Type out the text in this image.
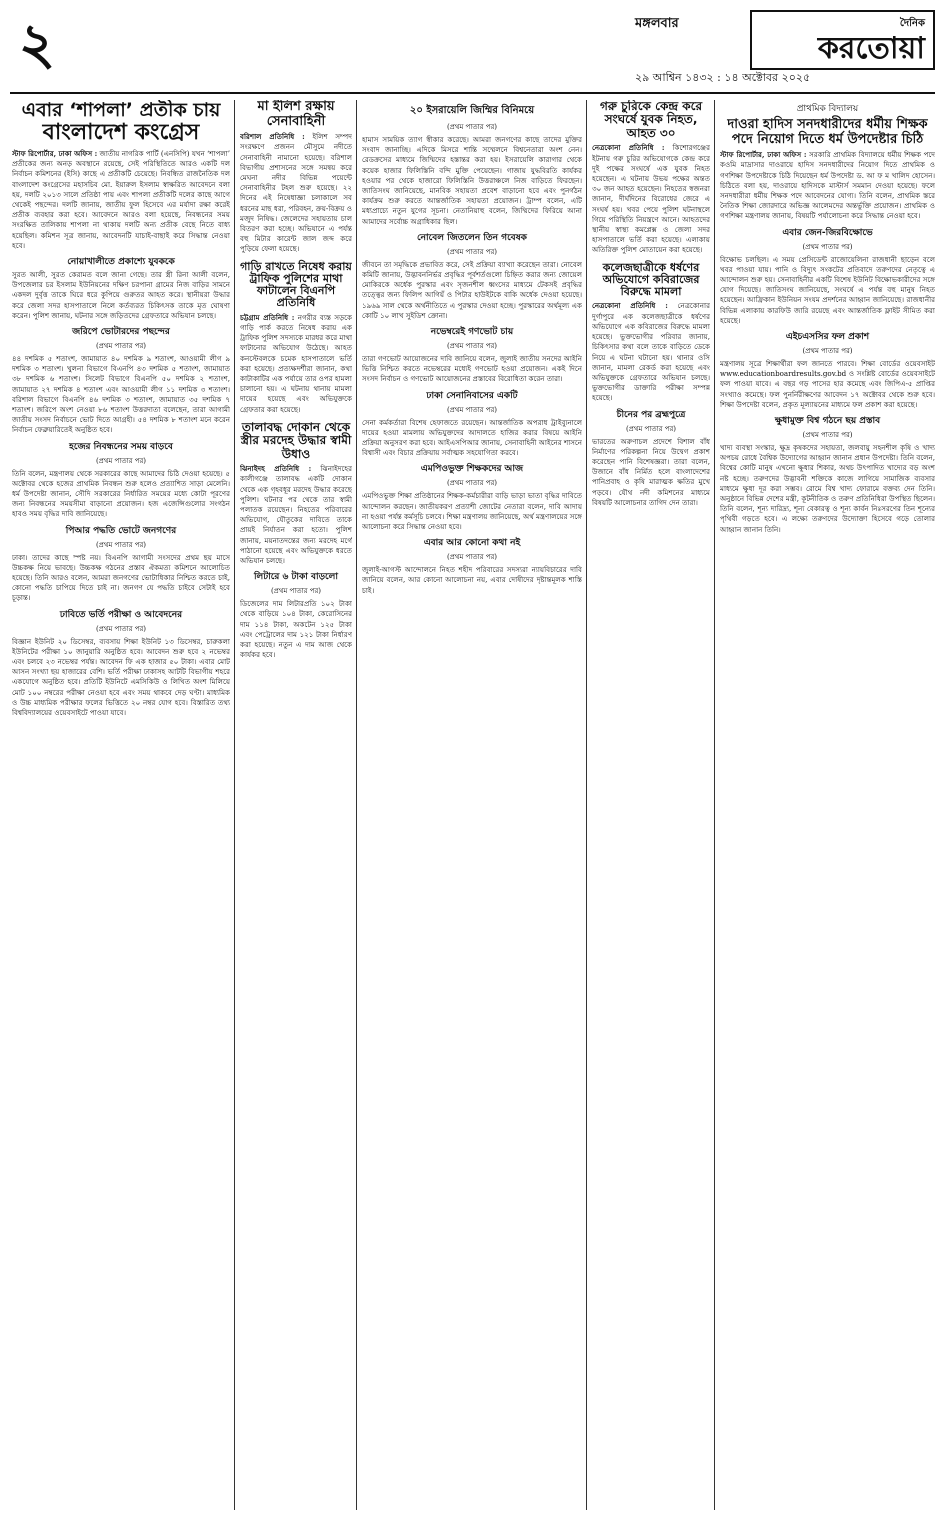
২	মঙ্গলবার	দৈনিক
করতোয়া
২৯ আশ্বিন ১৪৩২ : ১৪ অক্টোবর ২০২৫
এবার ‘শাপলা’ প্রতীক চায়
বাংলাদেশ কংগ্রেস
স্টাফ রিপোর্টার, ঢাকা অফিস : জাতীয় নাগরিক পার্টি (এনসিপি) যখন ‘শাপলা’ প্রতীকের জন্য অনড় অবস্থানে রয়েছে, সেই পরিস্থিতিতে আরও একটি দল নির্বাচন কমিশনের (ইসি) কাছে এ প্রতীকটি চেয়েছে। নিবন্ধিত রাজনৈতিক দল বাংলাদেশ কংগ্রেসের মহাসচিব মো. ইয়ারুল ইসলাম স্বাক্ষরিত আবেদনে বলা হয়, দলটি ২০১৩ সালে প্রতিষ্ঠা পায় এবং শাপলা প্রতীকটি দলের কাছে আগে থেকেই পছন্দের। দলটি জানায়, জাতীয় ফুল হিসেবে এর মর্যাদা রক্ষা করেই প্রতীক ব্যবহার করা হবে। আবেদনে আরও বলা হয়েছে, নিবন্ধনের সময় সংরক্ষিত তালিকায় শাপলা না থাকায় দলটি অন্য প্রতীক বেছে নিতে বাধ্য হয়েছিল। কমিশন সূত্র জানায়, আবেদনটি যাচাই-বাছাই করে সিদ্ধান্ত নেওয়া হবে।
নোয়াখালীতে প্রকাশ্যে যুবককে
সুরত আলী, সুরত কেরামত বলে জানা গেছে। তার স্ত্রী রিনা আলী বলেন, উপজেলার চর ইসলাম ইউনিয়নের দক্ষিণ চরপানা গ্রামের নিজ বাড়ির সামনে একদল দুর্বৃত্ত তাকে ঘিরে ধরে কুপিয়ে গুরুতর আহত করে। স্থানীয়রা উদ্ধার করে জেলা সদর হাসপাতালে নিলে কর্তব্যরত চিকিৎসক তাকে মৃত ঘোষণা করেন। পুলিশ জানায়, ঘটনার সঙ্গে জড়িতদের গ্রেফতারে অভিযান চলছে।
জরিপে ভোটারদের পছন্দের
(প্রথম পাতার পর)
৪৪ দশমিক ৫ শতাংশ, জামায়াত ৪০ দশমিক ৯ শতাংশ, আওয়ামী লীগ ৯ দশমিক ৩ শতাংশ। খুলনা বিভাগে বিএনপি ৪৩ দশমিক ৫ শতাংশ, জামায়াত ৩৮ দশমিক ৬ শতাংশ। সিলেট বিভাগে বিএনপি ৫০ দশমিক ২ শতাংশ, জামায়াত ২৭ দশমিক ৪ শতাংশ এবং আওয়ামী লীগ ১১ দশমিক ৩ শতাংশ। বরিশাল বিভাগে বিএনপি ৪৬ দশমিক ৩ শতাংশ, জামায়াত ৩৫ দশমিক ৭ শতাংশ। জরিপে অংশ নেওয়া ৮৬ শতাংশ উত্তরদাতা বলেছেন, তারা আগামী জাতীয় সংসদ নির্বাচনে ভোট দিতে আগ্রহী। ৫৪ দশমিক ৮ শতাংশ মনে করেন নির্বাচন ফেব্রুয়ারিতেই অনুষ্ঠিত হবে।
হজের নিবন্ধনের সময় বাড়বে
(প্রথম পাতার পর)
তিনি বলেন, মন্ত্রণালয় থেকে সরকারের কাছে আমাদের চিঠি দেওয়া হয়েছে। ৫ অক্টোবর থেকে হজের প্রাথমিক নিবন্ধন শুরু হলেও প্রত্যাশিত সাড়া মেলেনি। ধর্ম উপদেষ্টা জানান, সৌদি সরকারের নির্ধারিত সময়ের মধ্যে কোটা পূরণের জন্য নিবন্ধনের সময়সীমা বাড়ানো প্রয়োজন। হজ এজেন্সিগুলোর সংগঠন হাবও সময় বৃদ্ধির দাবি জানিয়েছে।
পিআর পদ্ধতি ভোটে জনগণের
(প্রথম পাতার পর)
ঢাকা। তাদের কাছে স্পষ্ট নয়। বিএনপি আগামী সংসদের প্রথম ছয় মাসে উচ্চকক্ষ নিয়ে ভাবছে। উচ্চকক্ষ গঠনের প্রস্তাব ঐকমত্য কমিশনে আলোচিত হয়েছে। তিনি আরও বলেন, আমরা জনগণের ভোটাধিকার নিশ্চিত করতে চাই, কোনো পদ্ধতি চাপিয়ে দিতে চাই না। জনগণ যে পদ্ধতি চাইবে সেটাই হবে চূড়ান্ত।
ঢাবিতে ভর্তি পরীক্ষা ও আবেদনের
(প্রথম পাতার পর)
বিজ্ঞান ইউনিট ২০ ডিসেম্বর, ব্যবসায় শিক্ষা ইউনিট ১৩ ডিসেম্বর, চারুকলা ইউনিটের পরীক্ষা ১০ জানুয়ারি অনুষ্ঠিত হবে। আবেদন শুরু হবে ২ নভেম্বর এবং চলবে ২৩ নভেম্বর পর্যন্ত। আবেদন ফি এক হাজার ৫০ টাকা। এবার মোট আসন সংখ্যা ছয় হাজারের বেশি। ভর্তি পরীক্ষা ঢাকাসহ আটটি বিভাগীয় শহরে একযোগে অনুষ্ঠিত হবে। প্রতিটি ইউনিটে এমসিকিউ ও লিখিত অংশ মিলিয়ে মোট ১০০ নম্বরের পরীক্ষা নেওয়া হবে এবং সময় থাকবে দেড় ঘণ্টা। মাধ্যমিক ও উচ্চ মাধ্যমিক পরীক্ষার ফলের ভিত্তিতে ২০ নম্বর যোগ হবে। বিস্তারিত তথ্য বিশ্ববিদ্যালয়ের ওয়েবসাইটে পাওয়া যাবে।
মা ইলিশ রক্ষায় সেনাবাহিনী
বরিশাল প্রতিনিধি : ইলিশ সম্পদ সংরক্ষণে প্রজনন মৌসুমে নদীতে সেনাবাহিনী নামানো হয়েছে। বরিশাল বিভাগীয় প্রশাসনের সঙ্গে সমন্বয় করে মেঘনা নদীর বিভিন্ন পয়েন্টে সেনাবাহিনীর টহল শুরু হয়েছে। ২২ দিনের এই নিষেধাজ্ঞা চলাকালে সব ধরনের মাছ ধরা, পরিবহন, ক্রয়-বিক্রয় ও মজুদ নিষিদ্ধ। জেলেদের সহায়তায় চাল বিতরণ করা হচ্ছে। অভিযানে এ পর্যন্ত বহু মিটার কারেন্ট জাল জব্দ করে পুড়িয়ে ফেলা হয়েছে।
গাড়ি রাখতে নিষেধ করায় ট্রাফিক পুলিশের মাথা ফাটালেন বিএনপি প্রতিনিধি
চট্টগ্রাম প্রতিনিধি : নগরীর ব্যস্ত সড়কে গাড়ি পার্ক করতে নিষেধ করায় এক ট্রাফিক পুলিশ সদস্যকে মারধর করে মাথা ফাটানোর অভিযোগ উঠেছে। আহত কনস্টেবলকে চমেক হাসপাতালে ভর্তি করা হয়েছে। প্রত্যক্ষদর্শীরা জানান, কথা কাটাকাটির এক পর্যায়ে তার ওপর হামলা চালানো হয়। এ ঘটনায় থানায় মামলা দায়ের হয়েছে এবং অভিযুক্তকে গ্রেফতার করা হয়েছে।
তালাবদ্ধ দোকান থেকে স্ত্রীর মরদেহ উদ্ধার স্বামী উধাও
ঝিনাইদহ প্রতিনিধি : ঝিনাইদহের কালীগঞ্জে তালাবদ্ধ একটি দোকান থেকে এক গৃহবধূর মরদেহ উদ্ধার করেছে পুলিশ। ঘটনার পর থেকে তার স্বামী পলাতক রয়েছেন। নিহতের পরিবারের অভিযোগ, যৌতুকের দাবিতে তাকে প্রায়ই নির্যাতন করা হতো। পুলিশ জানায়, ময়নাতদন্তের জন্য মরদেহ মর্গে পাঠানো হয়েছে এবং অভিযুক্তকে ধরতে অভিযান চলছে।
লিটারে ৬ টাকা বাড়লো
(প্রথম পাতার পর)
ডিজেলের দাম লিটারপ্রতি ১০২ টাকা থেকে বাড়িয়ে ১০৪ টাকা, কেরোসিনের দাম ১১৪ টাকা, অকটেন ১২৫ টাকা এবং পেট্রোলের দাম ১২১ টাকা নির্ধারণ করা হয়েছে। নতুন এ দাম আজ থেকে কার্যকর হবে।
২০ ইসরায়েলি জিম্মির বিনিময়ে
(প্রথম পাতার পর)
হামাস সাময়িক ত্যাগ স্বীকার করেছে। আমরা জনগণের কাছে তাদের মুক্তির সংবাদ জানাচ্ছি। এদিকে মিসরে শান্তি সম্মেলনে বিশ্বনেতারা অংশ নেন। রেডক্রসের মাধ্যমে জিম্মিদের হস্তান্তর করা হয়। ইসরায়েলি কারাগার থেকে কয়েক হাজার ফিলিস্তিনি বন্দি মুক্তি পেয়েছেন। গাজায় যুদ্ধবিরতি কার্যকর হওয়ার পর থেকে হাজারো ফিলিস্তিনি উত্তরাঞ্চলে নিজ বাড়িতে ফিরছেন। জাতিসংঘ জানিয়েছে, মানবিক সহায়তা প্রবেশ বাড়ানো হবে এবং পুনর্গঠন কার্যক্রম শুরু করতে আন্তর্জাতিক সহায়তা প্রয়োজন। ট্রাম্প বলেন, এটি মধ্যপ্রাচ্যে নতুন যুগের সূচনা। নেতানিয়াহু বলেন, জিম্মিদের ফিরিয়ে আনা আমাদের সর্বোচ্চ অগ্রাধিকার ছিল।
নোবেল জিতলেন তিন গবেষক
(প্রথম পাতার পর)
জীবনে তা সমৃদ্ধিকে প্রভাবিত করে, সেই প্রক্রিয়া ব্যাখ্যা করেছেন তারা। নোবেল কমিটি জানায়, উদ্ভাবননির্ভর প্রবৃদ্ধির পূর্বশর্তগুলো চিহ্নিত করার জন্য জোয়েল মোকিরকে অর্ধেক পুরস্কার এবং সৃজনশীল ধ্বংসের মাধ্যমে টেকসই প্রবৃদ্ধির তত্ত্বের জন্য ফিলিপ আগিয়ঁ ও পিটার হাউইটকে বাকি অর্ধেক দেওয়া হয়েছে। ১৯৬৯ সাল থেকে অর্থনীতিতে এ পুরস্কার দেওয়া হচ্ছে। পুরস্কারের অর্থমূল্য এক কোটি ১০ লাখ সুইডিশ ক্রোনা।
নভেম্বরেই গণভোট চায়
(প্রথম পাতার পর)
তারা গণভোট আয়োজনের দাবি জানিয়ে বলেন, জুলাই জাতীয় সনদের আইনি ভিত্তি নিশ্চিত করতে নভেম্বরের মধ্যেই গণভোট হওয়া প্রয়োজন। একই দিনে সংসদ নির্বাচন ও গণভোট আয়োজনের প্রস্তাবের বিরোধিতা করেন তারা।
ঢাকা সেনানিবাসের একটি
(প্রথম পাতার পর)
সেনা কর্মকর্তারা বিশেষ হেফাজতে রয়েছেন। আন্তর্জাতিক অপরাধ ট্রাইব্যুনালে দায়ের হওয়া মামলায় অভিযুক্তদের আদালতে হাজির করার বিষয়ে আইনি প্রক্রিয়া অনুসরণ করা হবে। আইএসপিআর জানায়, সেনাবাহিনী আইনের শাসনে বিশ্বাসী এবং বিচার প্রক্রিয়ায় সর্বাত্মক সহযোগিতা করবে।
এমপিওভুক্ত শিক্ষকদের আজ
(প্রথম পাতার পর)
এমপিওভুক্ত শিক্ষা প্রতিষ্ঠানের শিক্ষক-কর্মচারীরা বাড়ি ভাড়া ভাতা বৃদ্ধির দাবিতে আন্দোলন করছেন। জাতীয়করণ প্রত্যাশী জোটের নেতারা বলেন, দাবি আদায় না হওয়া পর্যন্ত কর্মসূচি চলবে। শিক্ষা মন্ত্রণালয় জানিয়েছে, অর্থ মন্ত্রণালয়ের সঙ্গে আলোচনা করে সিদ্ধান্ত নেওয়া হবে।
এবার আর কোনো কথা নই
(প্রথম পাতার পর)
জুলাই-আগস্ট আন্দোলনে নিহত শহীদ পরিবারের সদস্যরা ন্যায়বিচারের দাবি জানিয়ে বলেন, আর কোনো আলোচনা নয়, এবার দোষীদের দৃষ্টান্তমূলক শাস্তি চাই।
গরু চুরিকে কেন্দ্র করে সংঘর্ষে যুবক নিহত, আহত ৩০
নেত্রকোনা প্রতিনিধি : কিশোরগঞ্জের ইটনায় গরু চুরির অভিযোগকে কেন্দ্র করে দুই পক্ষের সংঘর্ষে এক যুবক নিহত হয়েছেন। এ ঘটনায় উভয় পক্ষের অন্তত ৩০ জন আহত হয়েছেন। নিহতের স্বজনরা জানান, দীর্ঘদিনের বিরোধের জেরে এ সংঘর্ষ হয়। খবর পেয়ে পুলিশ ঘটনাস্থলে গিয়ে পরিস্থিতি নিয়ন্ত্রণে আনে। আহতদের স্থানীয় স্বাস্থ্য কমপ্লেক্স ও জেলা সদর হাসপাতালে ভর্তি করা হয়েছে। এলাকায় অতিরিক্ত পুলিশ মোতায়েন করা হয়েছে।
কলেজছাত্রীকে ধর্ষণের অভিযোগে কবিরাজের বিরুদ্ধে মামলা
নেত্রকোনা প্রতিনিধি : নেত্রকোনার দুর্গাপুরে এক কলেজছাত্রীকে ধর্ষণের অভিযোগে এক কবিরাজের বিরুদ্ধে মামলা হয়েছে। ভুক্তভোগীর পরিবার জানায়, চিকিৎসার কথা বলে তাকে বাড়িতে ডেকে নিয়ে এ ঘটনা ঘটানো হয়। থানার ওসি জানান, মামলা রেকর্ড করা হয়েছে এবং অভিযুক্তকে গ্রেফতারে অভিযান চলছে। ভুক্তভোগীর ডাক্তারি পরীক্ষা সম্পন্ন হয়েছে।
চীনের পর ব্রহ্মপুত্রে
(প্রথম পাতার পর)
ভারতের অরুণাচল প্রদেশে বিশাল বাঁধ নির্মাণের পরিকল্পনা নিয়ে উদ্বেগ প্রকাশ করেছেন পানি বিশেষজ্ঞরা। তারা বলেন, উজানে বাঁধ নির্মিত হলে বাংলাদেশের পানিপ্রবাহ ও কৃষি মারাত্মক ক্ষতির মুখে পড়বে। যৌথ নদী কমিশনের মাধ্যমে বিষয়টি আলোচনার তাগিদ দেন তারা।
প্রাথমিক বিদ্যালয়
দাওরা হাদিস সনদধারীদের ধর্মীয় শিক্ষক পদে নিয়োগ দিতে ধর্ম উপদেষ্টার চিঠি
স্টাফ রিপোর্টার, ঢাকা অফিস : সরকারি প্রাথমিক বিদ্যালয়ে ধর্মীয় শিক্ষক পদে কওমি মাদ্রাসার দাওরায়ে হাদিস সনদধারীদের নিয়োগ দিতে প্রাথমিক ও গণশিক্ষা উপদেষ্টাকে চিঠি দিয়েছেন ধর্ম উপদেষ্টা ড. আ ফ ম খালিদ হোসেন। চিঠিতে বলা হয়, দাওরায়ে হাদিসকে মাস্টার্স সমমান দেওয়া হয়েছে। ফলে সনদধারীরা ধর্মীয় শিক্ষক পদে আবেদনের যোগ্য। তিনি বলেন, প্রাথমিক স্তরে নৈতিক শিক্ষা জোরদারে অভিজ্ঞ আলেমদের অন্তর্ভুক্তি প্রয়োজন। প্রাথমিক ও গণশিক্ষা মন্ত্রণালয় জানায়, বিষয়টি পর্যালোচনা করে সিদ্ধান্ত নেওয়া হবে।
এবার জেন-জিরবিক্ষোভে
(প্রথম পাতার পর)
বিক্ষোভ চলছিল। এ সময় প্রেসিডেন্ট রাজোয়েলিনা রাজধানী ছাড়েন বলে খবর পাওয়া যায়। পানি ও বিদ্যুৎ সংকটের প্রতিবাদে তরুণদের নেতৃত্বে এ আন্দোলন শুরু হয়। সেনাবাহিনীর একটি বিশেষ ইউনিট বিক্ষোভকারীদের সঙ্গে যোগ দিয়েছে। জাতিসংঘ জানিয়েছে, সংঘর্ষে এ পর্যন্ত বহু মানুষ নিহত হয়েছেন। আফ্রিকান ইউনিয়ন সংযম প্রদর্শনের আহ্বান জানিয়েছে। রাজধানীর বিভিন্ন এলাকায় কারফিউ জারি রয়েছে এবং আন্তর্জাতিক ফ্লাইট সীমিত করা হয়েছে।
এইচএসসির ফল প্রকাশ
(প্রথম পাতার পর)
মন্ত্রণালয় সূত্রে শিক্ষার্থীরা ফল জানতে পারবে। শিক্ষা বোর্ডের ওয়েবসাইট www.educationboardresults.gov.bd ও সংশ্লিষ্ট বোর্ডের ওয়েবসাইটে ফল পাওয়া যাবে। এ বছর গড় পাসের হার কমেছে এবং জিপিএ-৫ প্রাপ্তির সংখ্যাও কমেছে। ফল পুনর্নিরীক্ষণের আবেদন ১৭ অক্টোবর থেকে শুরু হবে। শিক্ষা উপদেষ্টা বলেন, প্রকৃত মূল্যায়নের মাধ্যমে ফল প্রকাশ করা হয়েছে।
ক্ষুধামুক্ত বিশ্ব গঠনে ছয় প্রস্তাব
(প্রথম পাতার পর)
খাদ্য ব্যবস্থা সংস্কার, ক্ষুদ্র কৃষকদের সহায়তা, জলবায়ু সহনশীল কৃষি ও খাদ্য অপচয় রোধে বৈশ্বিক উদ্যোগের আহ্বান জানান প্রধান উপদেষ্টা। তিনি বলেন, বিশ্বের কোটি মানুষ এখনো ক্ষুধার শিকার, অথচ উৎপাদিত খাদ্যের বড় অংশ নষ্ট হচ্ছে। তরুণদের উদ্ভাবনী শক্তিকে কাজে লাগিয়ে সামাজিক ব্যবসার মাধ্যমে ক্ষুধা দূর করা সম্ভব। রোমে বিশ্ব খাদ্য ফোরামে বক্তব্য দেন তিনি। অনুষ্ঠানে বিভিন্ন দেশের মন্ত্রী, কূটনীতিক ও তরুণ প্রতিনিধিরা উপস্থিত ছিলেন। তিনি বলেন, শূন্য দারিদ্র্য, শূন্য বেকারত্ব ও শূন্য কার্বন নিঃসরণের তিন শূন্যের পৃথিবী গড়তে হবে। এ লক্ষ্যে তরুণদের উদ্যোক্তা হিসেবে গড়ে তোলার আহ্বান জানান তিনি।
